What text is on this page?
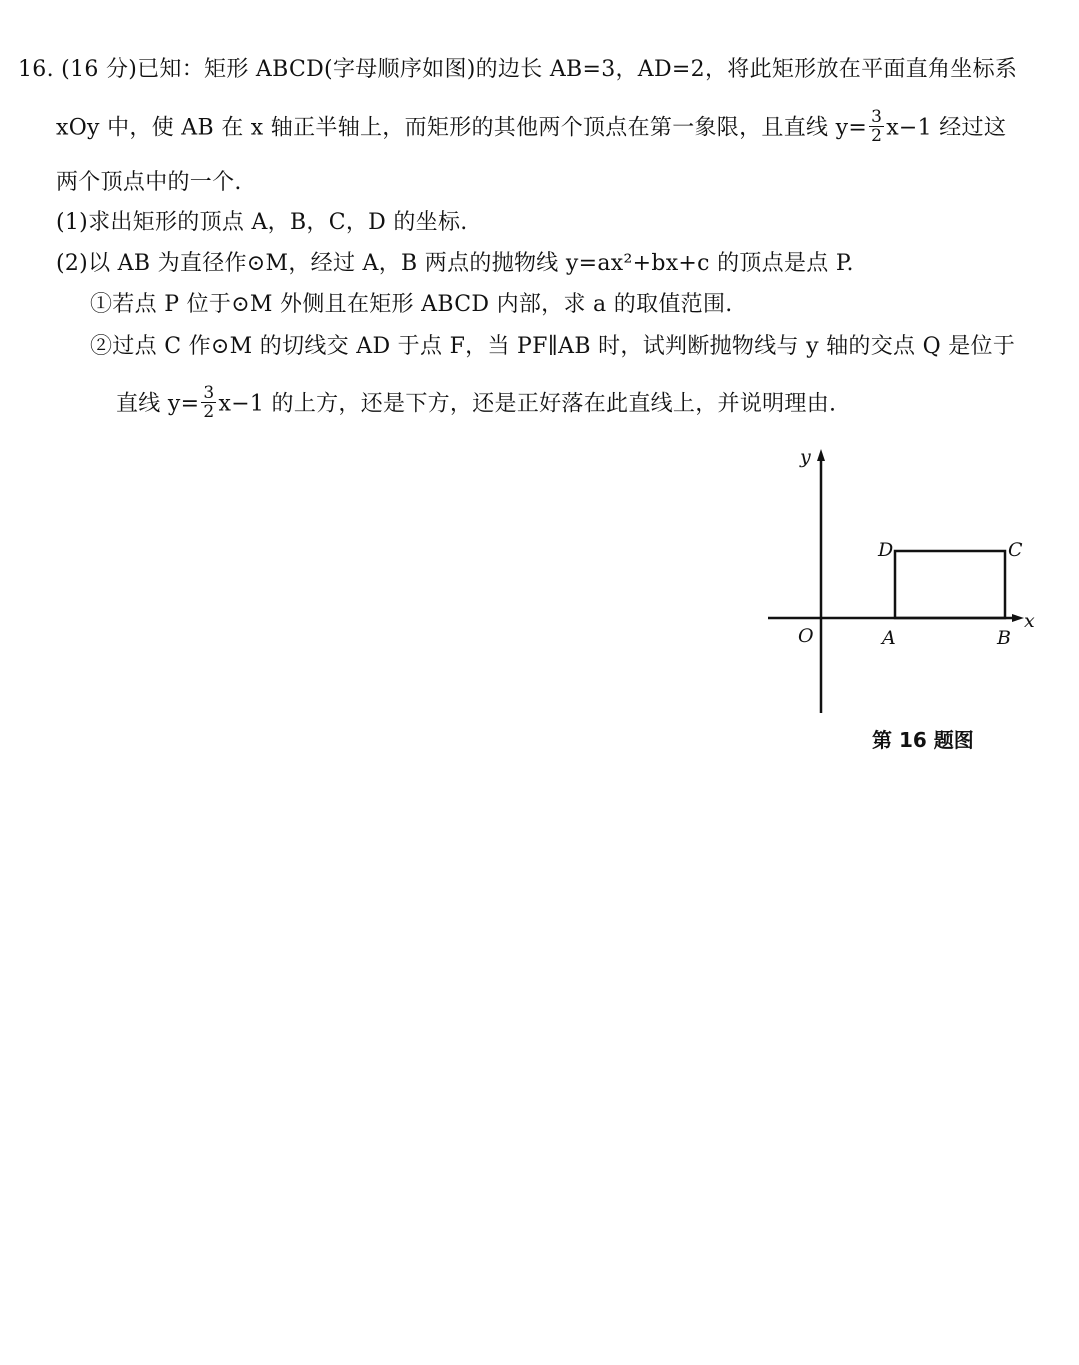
16. (16 分)已知：矩形 ABCD(字母顺序如图)的边长 AB=3，AD=2，将此矩形放在平面直角坐标系
xOy 中，使 AB 在 x 轴正半轴上，而矩形的其他两个顶点在第一象限，且直线 $y= \frac{3}{2} x-1$ 经过这
两个顶点中的一个.
(1)求出矩形的顶点 A，B，C，D 的坐标.
(2)以 AB 为直径作⊙M，经过 A，B 两点的抛物线 y=ax²+bx+c 的顶点是点 P.
①若点 P 位于⊙M 外侧且在矩形 ABCD 内部，求 a 的取值范围.
②过点 C 作⊙M 的切线交 AD 于点 F，当 PF∥AB 时，试判断抛物线与 y 轴的交点 Q 是位于
直线 $y= \frac{3}{2} x-1$ 的上方，还是下方，还是正好落在此直线上，并说明理由.
y
x
O	A	B
C
D
第 16 题图
